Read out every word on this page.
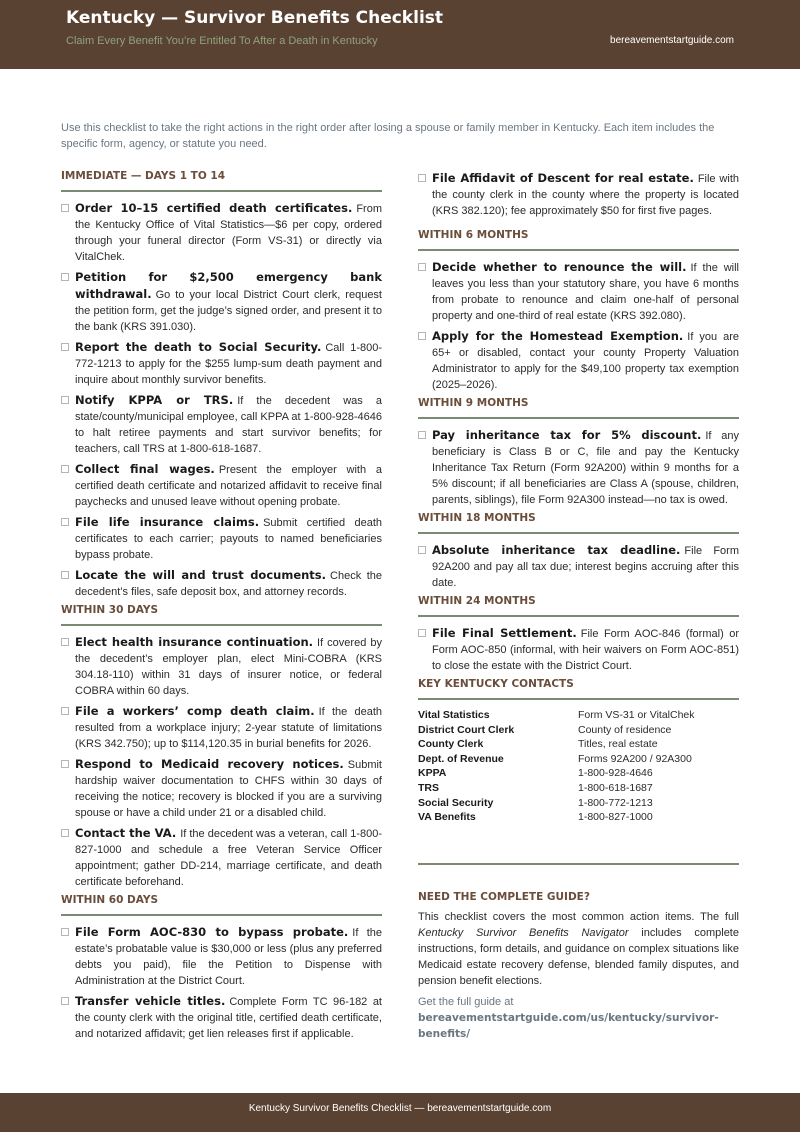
Kentucky — Survivor Benefits Checklist
Claim Every Benefit You’re Entitled To After a Death in Kentucky	bereavementstartguide.com
Use this checklist to take the right actions in the right order after losing a spouse or family member in Kentucky. Each item includes the specific form, agency, or statute you need.
IMMEDIATE — DAYS 1 TO 14
Order 10–15 certified death certificates. From the Kentucky Office of Vital Statistics—$6 per copy, ordered through your funeral director (Form VS-31) or directly via VitalChek.
Petition for $2,500 emergency bank withdrawal. Go to your local District Court clerk, request the petition form, get the judge’s signed order, and present it to the bank (KRS 391.030).
Report the death to Social Security. Call 1-800-772-1213 to apply for the $255 lump-sum death payment and inquire about monthly survivor benefits.
Notify KPPA or TRS. If the decedent was a state/county/municipal employee, call KPPA at 1-800-928-4646 to halt retiree payments and start survivor benefits; for teachers, call TRS at 1-800-618-1687.
Collect final wages. Present the employer with a certified death certificate and notarized affidavit to receive final paychecks and unused leave without opening probate.
File life insurance claims. Submit certified death certificates to each carrier; payouts to named beneficiaries bypass probate.
Locate the will and trust documents. Check the decedent’s files, safe deposit box, and attorney records.
WITHIN 30 DAYS
Elect health insurance continuation. If covered by the decedent’s employer plan, elect Mini-COBRA (KRS 304.18-110) within 31 days of insurer notice, or federal COBRA within 60 days.
File a workers’ comp death claim. If the death resulted from a workplace injury; 2-year statute of limitations (KRS 342.750); up to $114,120.35 in burial benefits for 2026.
Respond to Medicaid recovery notices. Submit hardship waiver documentation to CHFS within 30 days of receiving the notice; recovery is blocked if you are a surviving spouse or have a child under 21 or a disabled child.
Contact the VA. If the decedent was a veteran, call 1-800-827-1000 and schedule a free Veteran Service Officer appointment; gather DD-214, marriage certificate, and death certificate beforehand.
WITHIN 60 DAYS
File Form AOC-830 to bypass probate. If the estate’s probatable value is $30,000 or less (plus any preferred debts you paid), file the Petition to Dispense with Administration at the District Court.
Transfer vehicle titles. Complete Form TC 96-182 at the county clerk with the original title, certified death certificate, and notarized affidavit; get lien releases first if applicable.
File Affidavit of Descent for real estate. File with the county clerk in the county where the property is located (KRS 382.120); fee approximately $50 for first five pages.
WITHIN 6 MONTHS
Decide whether to renounce the will. If the will leaves you less than your statutory share, you have 6 months from probate to renounce and claim one-half of personal property and one-third of real estate (KRS 392.080).
Apply for the Homestead Exemption. If you are 65+ or disabled, contact your county Property Valuation Administrator to apply for the $49,100 property tax exemption (2025–2026).
WITHIN 9 MONTHS
Pay inheritance tax for 5% discount. If any beneficiary is Class B or C, file and pay the Kentucky Inheritance Tax Return (Form 92A200) within 9 months for a 5% discount; if all beneficiaries are Class A (spouse, children, parents, siblings), file Form 92A300 instead—no tax is owed.
WITHIN 18 MONTHS
Absolute inheritance tax deadline. File Form 92A200 and pay all tax due; interest begins accruing after this date.
WITHIN 24 MONTHS
File Final Settlement. File Form AOC-846 (formal) or Form AOC-850 (informal, with heir waivers on Form AOC-851) to close the estate with the District Court.
KEY KENTUCKY CONTACTS
Vital Statistics	Form VS-31 or VitalChek
District Court Clerk	County of residence
County Clerk	Titles, real estate
Dept. of Revenue	Forms 92A200 / 92A300
KPPA	1-800-928-4646
TRS	1-800-618-1687
Social Security	1-800-772-1213
VA Benefits	1-800-827-1000
NEED THE COMPLETE GUIDE?
This checklist covers the most common action items. The full Kentucky Survivor Benefits Navigator includes complete instructions, form details, and guidance on complex situations like Medicaid estate recovery defense, blended family disputes, and pension benefit elections.
Get the full guide at
bereavementstartguide.com/us/kentucky/survivor-benefits/
Kentucky Survivor Benefits Checklist — bereavementstartguide.com
